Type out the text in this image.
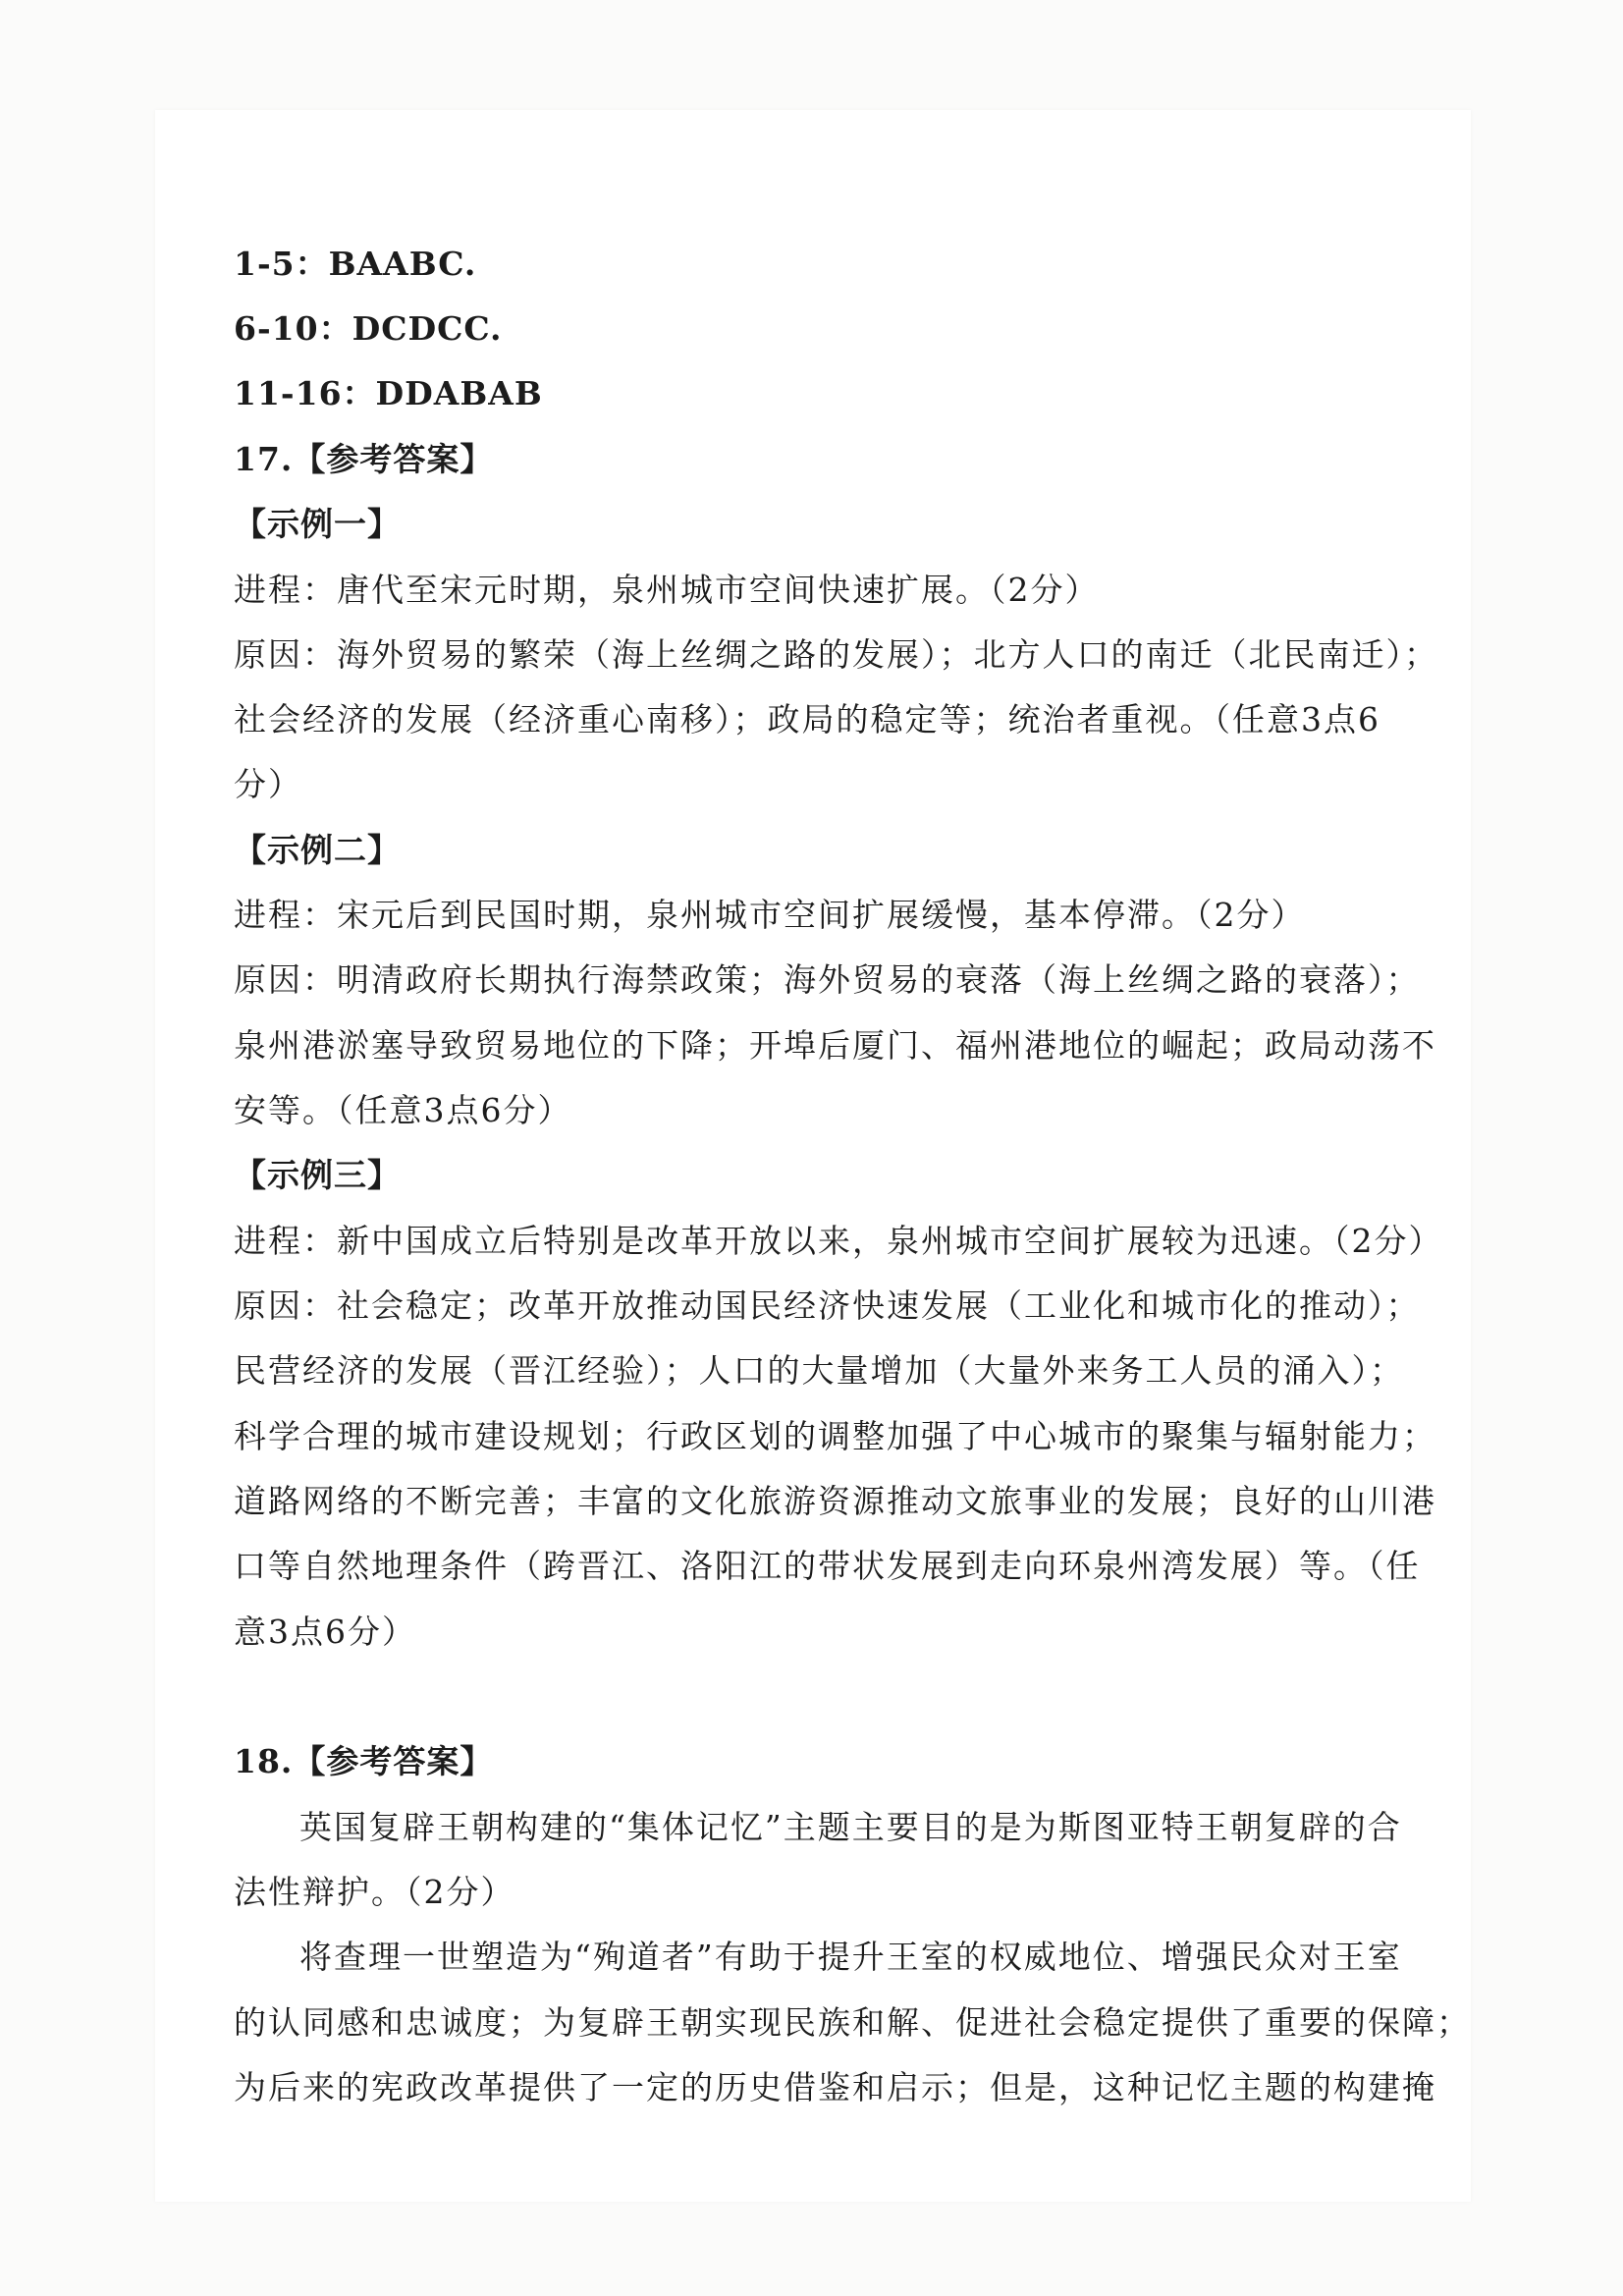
1-5：BAABC.
6-10：DCDCC.
11-16：DDABAB
17.【参考答案】
【示例一】
进程：唐代至宋元时期，泉州城市空间快速扩展。（2分）
原因：海外贸易的繁荣（海上丝绸之路的发展）；北方人口的南迁（北民南迁）；
社会经济的发展（经济重心南移）；政局的稳定等；统治者重视。（任意3点6
分）
【示例二】
进程：宋元后到民国时期，泉州城市空间扩展缓慢，基本停滞。（2分）
原因：明清政府长期执行海禁政策；海外贸易的衰落（海上丝绸之路的衰落）；
泉州港淤塞导致贸易地位的下降；开埠后厦门、福州港地位的崛起；政局动荡不
安等。（任意3点6分）
【示例三】
进程：新中国成立后特别是改革开放以来，泉州城市空间扩展较为迅速。（2分）
原因：社会稳定；改革开放推动国民经济快速发展（工业化和城市化的推动）；
民营经济的发展（晋江经验）；人口的大量增加（大量外来务工人员的涌入）；
科学合理的城市建设规划；行政区划的调整加强了中心城市的聚集与辐射能力；
道路网络的不断完善；丰富的文化旅游资源推动文旅事业的发展；良好的山川港
口等自然地理条件（跨晋江、洛阳江的带状发展到走向环泉州湾发展）等。（任
意3点6分）
18.【参考答案】
英国复辟王朝构建的“集体记忆”主题主要目的是为斯图亚特王朝复辟的合
法性辩护。（2分）
将查理一世塑造为“殉道者”有助于提升王室的权威地位、增强民众对王室
的认同感和忠诚度；为复辟王朝实现民族和解、促进社会稳定提供了重要的保障；
为后来的宪政改革提供了一定的历史借鉴和启示；但是，这种记忆主题的构建掩
